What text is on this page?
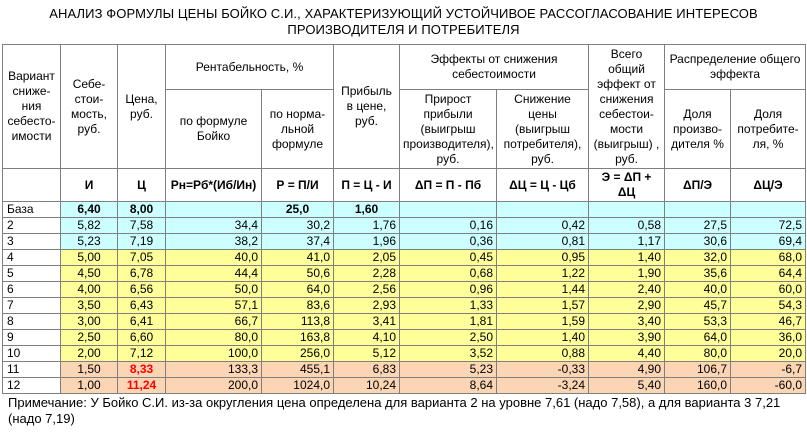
АНАЛИЗ ФОРМУЛЫ ЦЕНЫ БОЙКО С.И., ХАРАКТЕРИЗУЮЩИЙ УСТОЙЧИВОЕ РАССОГЛАСОВАНИЕ ИНТЕРЕСОВ ПРОИЗВОДИТЕЛЯ И ПОТРЕБИТЕЛЯ
Вариант сниже-ния себесто-имости	Себе-стои-мость, руб.	Цена, руб.	Рентабельность, %		Прибыль в цене, руб.	Эффекты от снижения себестоимости		Всего общий эффект от снижения себестои-мости (выигрыш) , руб.	Распределение общего эффекта	
			по формуле Бойко	по норма-льной формуле		Прирост прибыли (выигрыш производителя), руб.	Снижение цены (выигрыш потребителя), руб.		Доля произво-дителя %	Доля потребите-ля, %
	И	Ц	Рн=Рб*(Иб/Ин)	Р = П/И	П = Ц - И	ΔП = П - Пб	ΔЦ = Ц - Цб	Э = ΔП + ΔЦ	ΔП/Э	ΔЦ/Э
База	6,40	8,00		25,0	1,60					
2	5,82	7,58	34,4	30,2	1,76	0,16	0,42	0,58	27,5	72,5
3	5,23	7,19	38,2	37,4	1,96	0,36	0,81	1,17	30,6	69,4
4	5,00	7,05	40,0	41,0	2,05	0,45	0,95	1,40	32,0	68,0
5	4,50	6,78	44,4	50,6	2,28	0,68	1,22	1,90	35,6	64,4
6	4,00	6,56	50,0	64,0	2,56	0,96	1,44	2,40	40,0	60,0
7	3,50	6,43	57,1	83,6	2,93	1,33	1,57	2,90	45,7	54,3
8	3,00	6,41	66,7	113,8	3,41	1,81	1,59	3,40	53,3	46,7
9	2,50	6,60	80,0	163,8	4,10	2,50	1,40	3,90	64,0	36,0
10	2,00	7,12	100,0	256,0	5,12	3,52	0,88	4,40	80,0	20,0
11	1,50	8,33	133,3	455,1	6,83	5,23	-0,33	4,90	106,7	-6,7
12	1,00	11,24	200,0	1024,0	10,24	8,64	-3,24	5,40	160,0	-60,0
Примечание: У Бойко С.И. из-за округления цена определена для варианта 2 на уровне 7,61 (надо 7,58), а для варианта 3 7,21 (надо 7,19)
